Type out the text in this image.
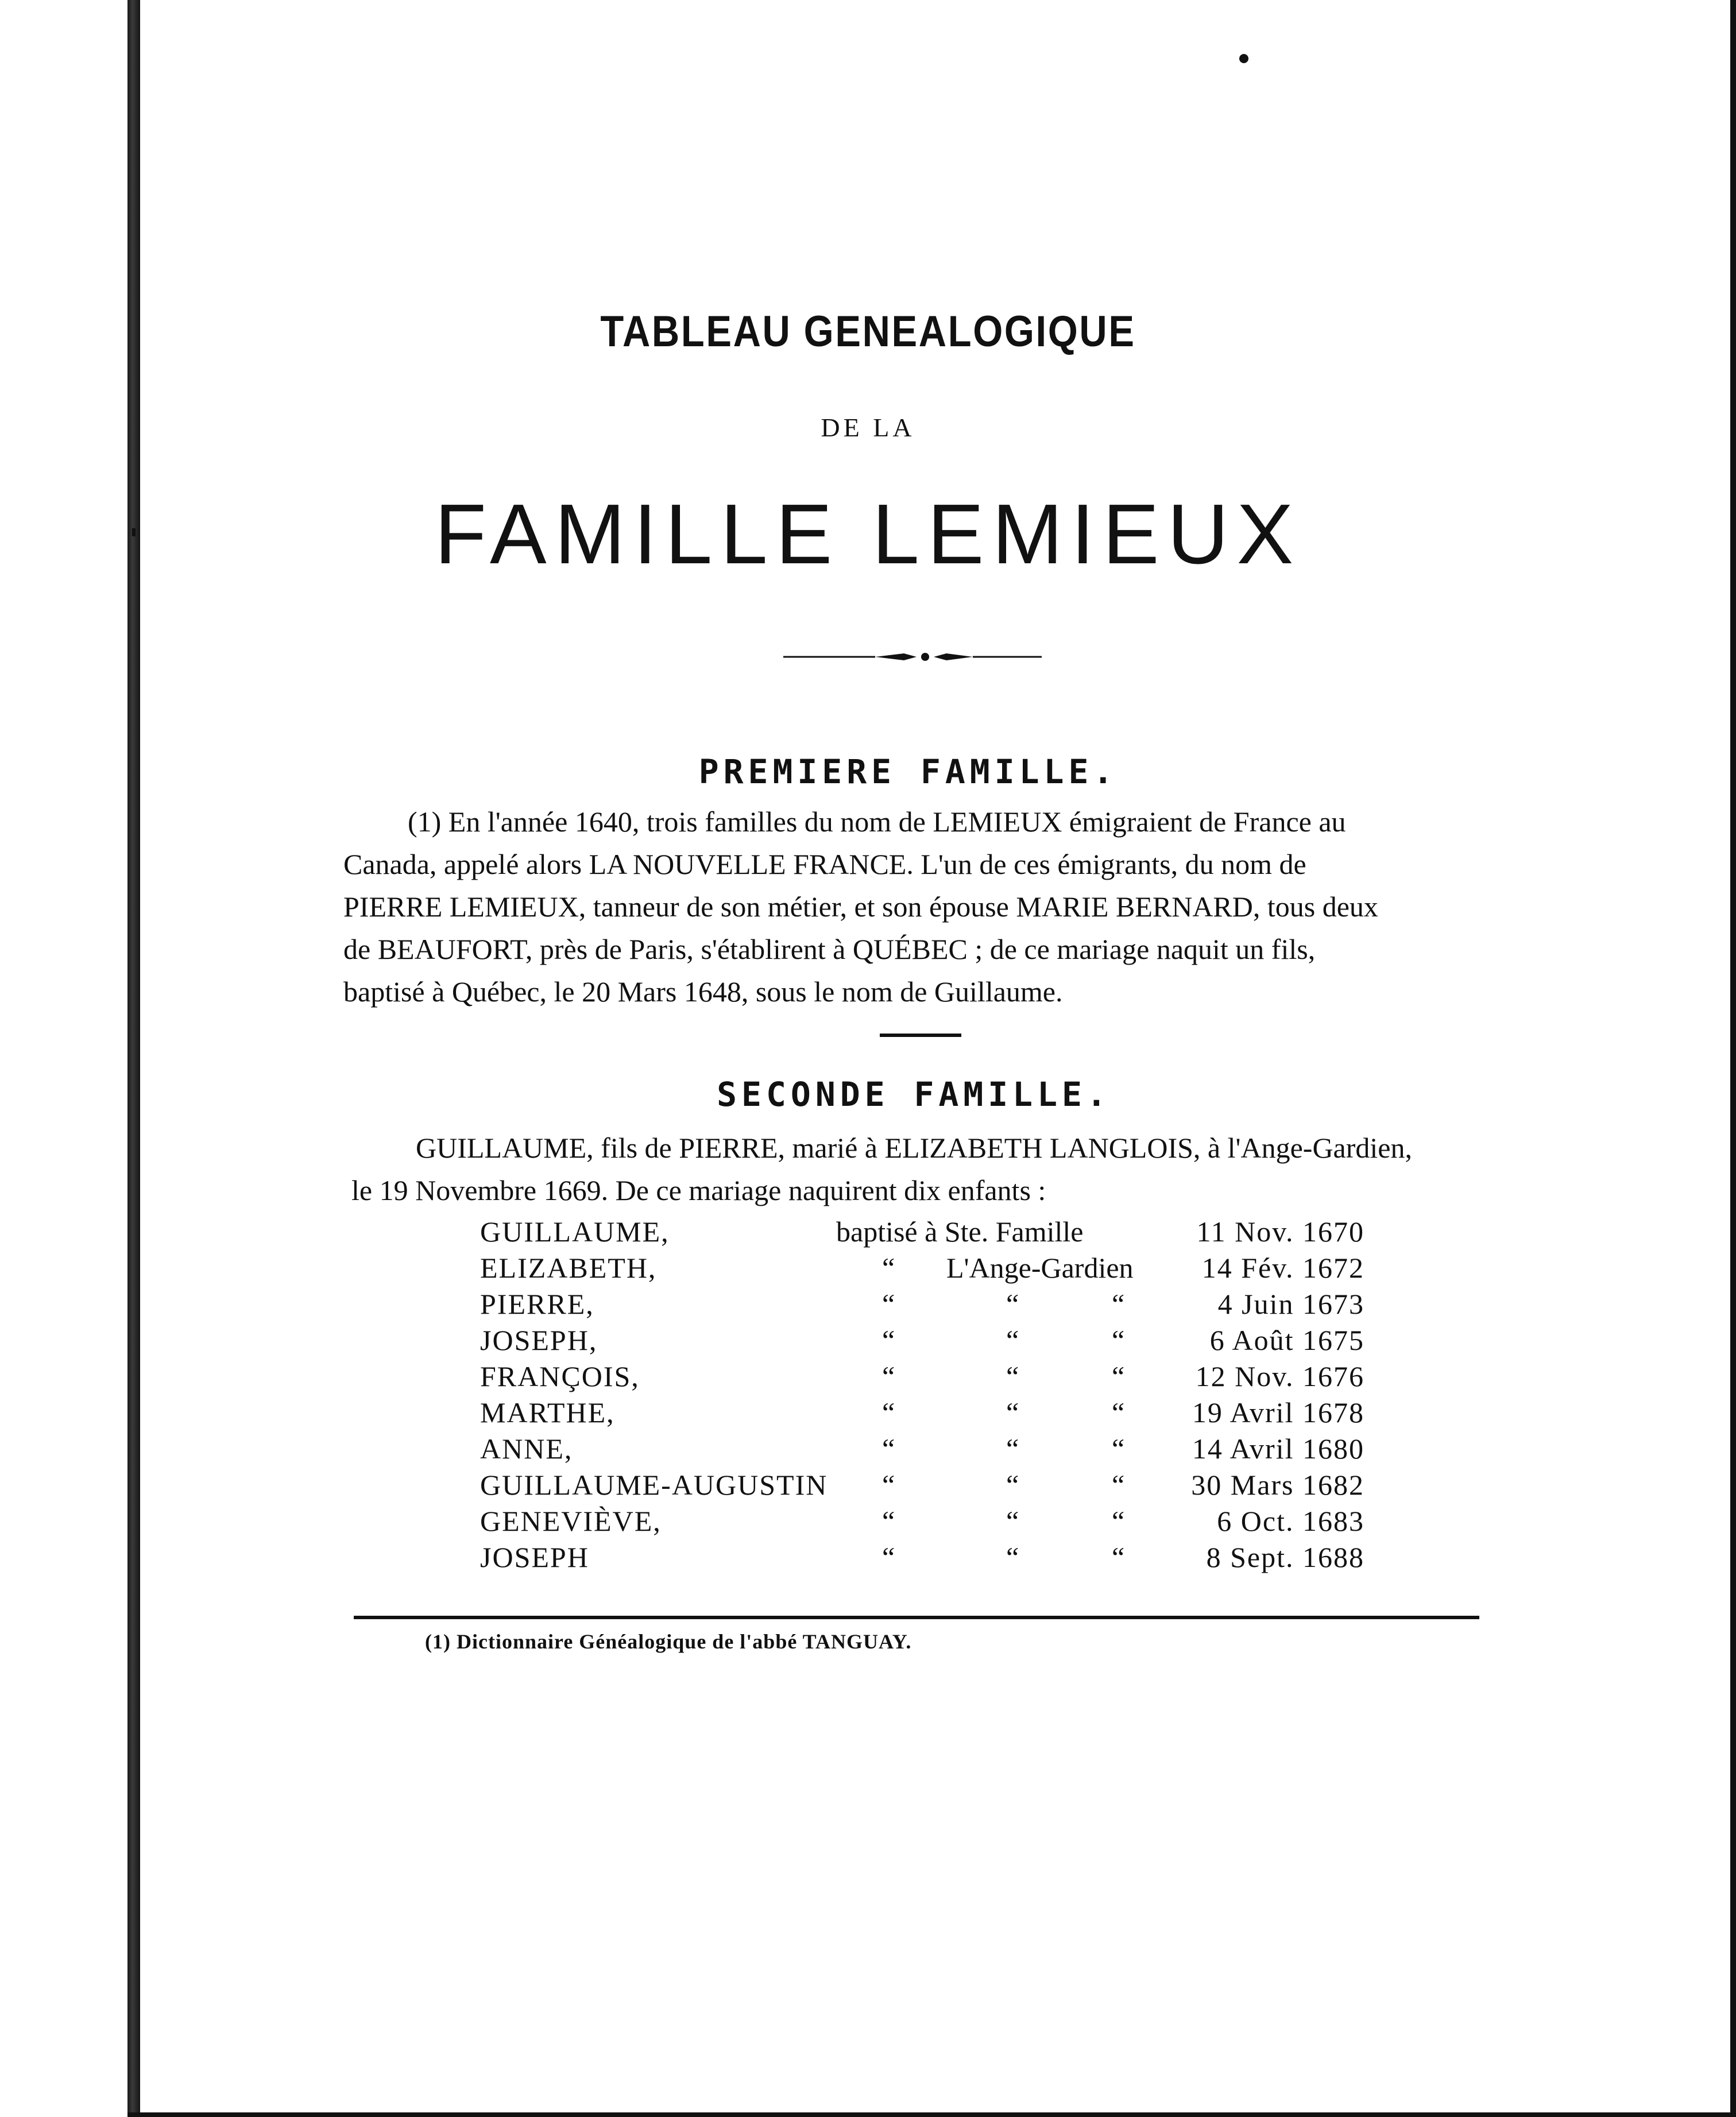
TABLEAU GENEALOGIQUE
DE LA
FAMILLE LEMIEUX
PREMIERE FAMILLE.
(1) En l'année 1640, trois familles du nom de LEMIEUX émigraient de France au
Canada, appelé alors LA NOUVELLE FRANCE. L'un de ces émigrants, du nom de
PIERRE LEMIEUX, tanneur de son métier, et son épouse MARIE BERNARD, tous deux
de BEAUFORT, près de Paris, s'établirent à QUÉBEC ; de ce mariage naquit un fils,
baptisé à Québec, le 20 Mars 1648, sous le nom de Guillaume.
SECONDE FAMILLE.
GUILLAUME, fils de PIERRE, marié à ELIZABETH LANGLOIS, à l'Ange-Gardien,
le 19 Novembre 1669. De ce mariage naquirent dix enfants :
GUILLAUME,	baptisé à Ste. Famille	11 Nov. 1670
ELIZABETH,	“ L'Ange-Gardien 14 Fév. 1672
PIERRE,	“	“	“	4 Juin 1673
JOSEPH,	“	“	“	6 Août 1675
FRANÇOIS,	“	“	“ 12 Nov. 1676
MARTHE,	“	“	“ 19 Avril 1678
ANNE,	“	“	“ 14 Avril 1680
GUILLAUME-AUGUSTIN “	“	“ 30 Mars 1682
GENEVIÈVE,	“	“	“	6 Oct. 1683
JOSEPH	“	“	“	8 Sept. 1688
(1) Dictionnaire Généalogique de l'abbé TANGUAY.
